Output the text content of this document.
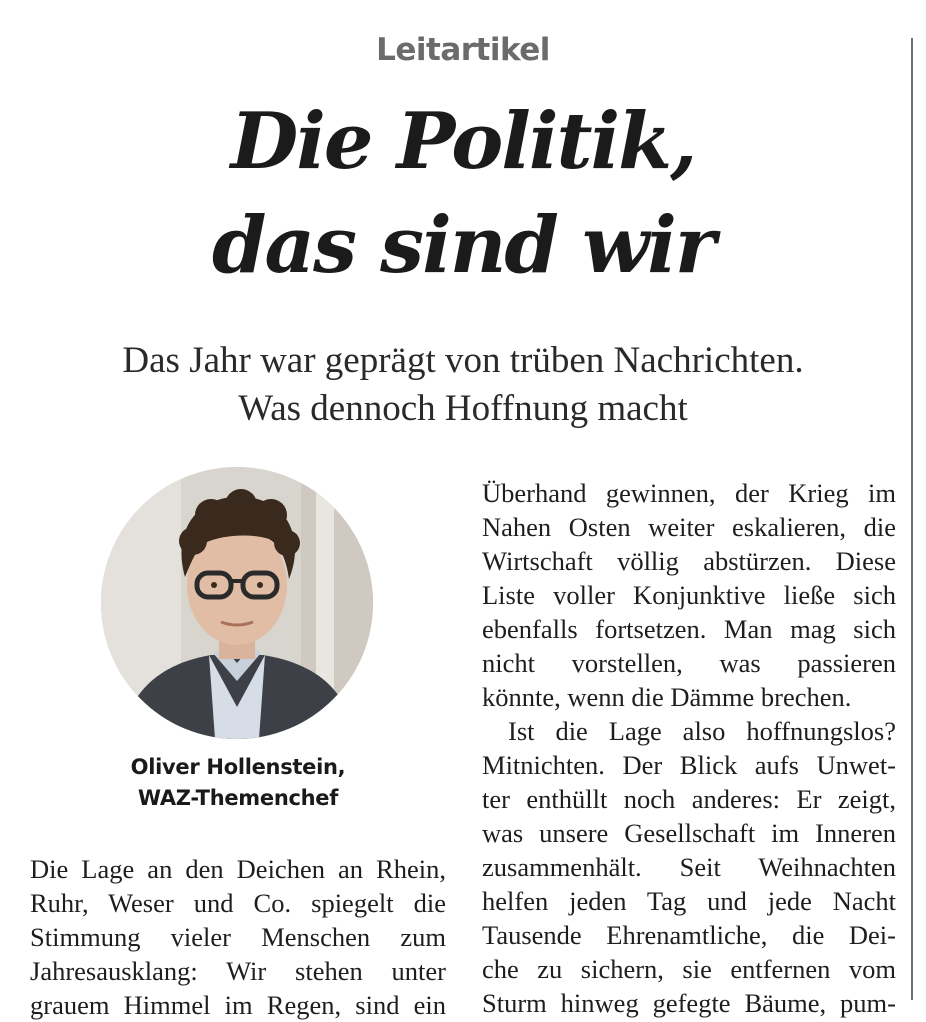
Leitartikel
Die Politik,
das sind wir
Das Jahr war geprägt von trüben Nachrichten.
Was dennoch Hoffnung macht
Oliver Hollenstein,
WAZ-Themenchef
Die Lage an den Deichen an Rhein,
Ruhr, Weser und Co. spiegelt die
Stimmung vieler Menschen zum
Jahresausklang: Wir stehen unter
grauem Himmel im Regen, sind ein
Überhand gewinnen, der Krieg im
Nahen Osten weiter eskalieren, die
Wirtschaft völlig abstürzen. Diese
Liste voller Konjunktive ließe sich
ebenfalls fortsetzen. Man mag sich
nicht vorstellen, was passieren
könnte, wenn die Dämme brechen.
Ist die Lage also hoffnungslos?
Mitnichten. Der Blick aufs Unwet-
ter enthüllt noch anderes: Er zeigt,
was unsere Gesellschaft im Inneren
zusammenhält. Seit Weihnachten
helfen jeden Tag und jede Nacht
Tausende Ehrenamtliche, die Dei-
che zu sichern, sie entfernen vom
Sturm hinweg gefegte Bäume, pum-
